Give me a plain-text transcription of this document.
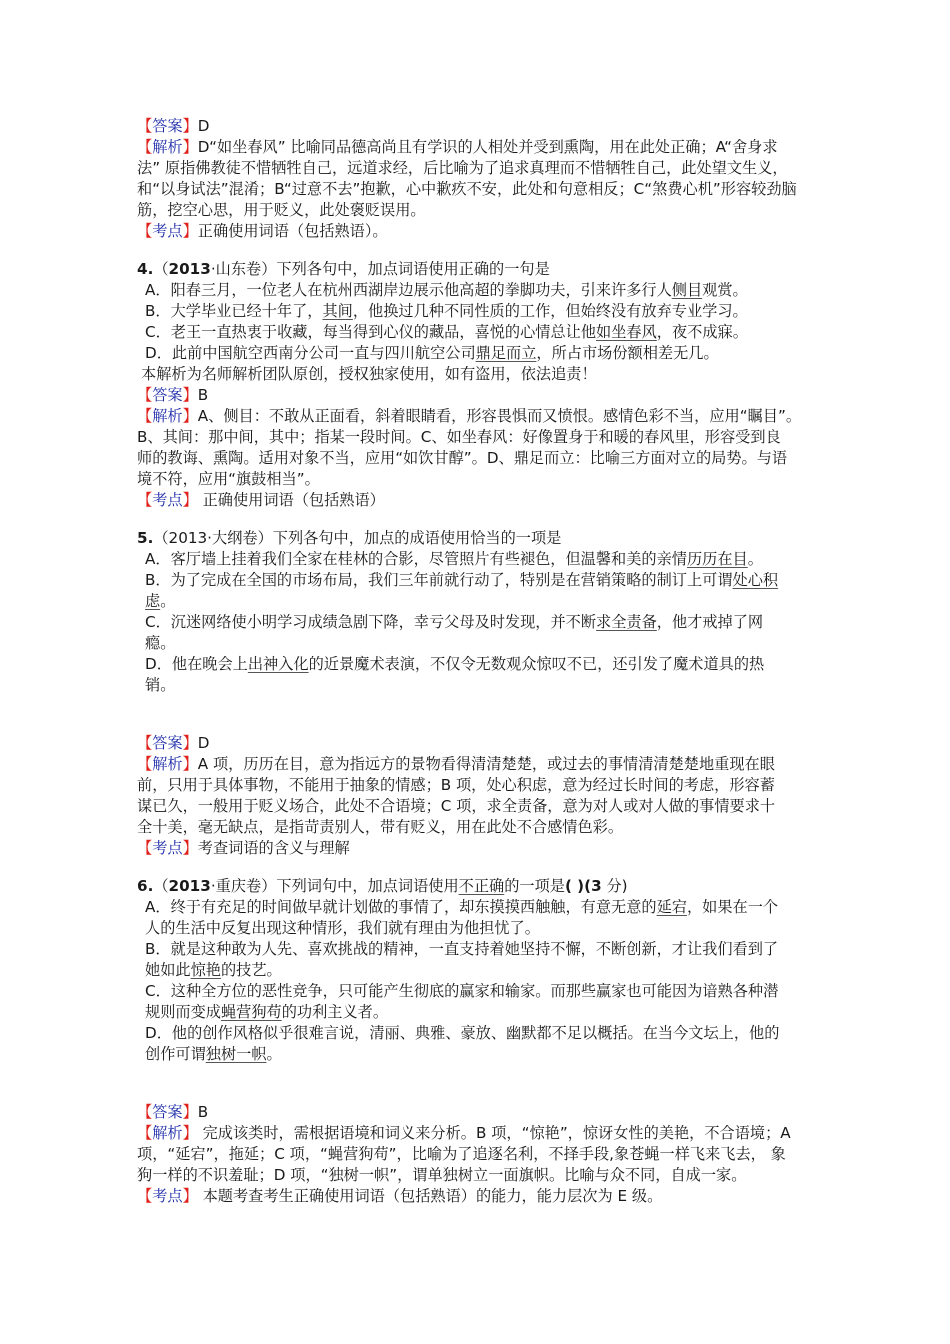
【答案】D
【解析】D“如坐春风” 比喻同品德高尚且有学识的人相处并受到熏陶，用在此处正确；A“舍身求
法” 原指佛教徒不惜牺牲自己，远道求经，后比喻为了追求真理而不惜牺牲自己，此处望文生义，
和“以身试法”混淆；B“过意不去”抱歉，心中歉疚不安，此处和句意相反；C“煞费心机”形容较劲脑
筋，挖空心思，用于贬义，此处褒贬误用。
【考点】正确使用词语（包括熟语）。
4.（2013·山东卷）下列各句中，加点词语使用正确的一句是
A．阳春三月，一位老人在杭州西湖岸边展示他高超的拳脚功夫，引来许多行人侧目观赏。
B．大学毕业已经十年了，其间，他换过几种不同性质的工作，但始终没有放弃专业学习。
C．老王一直热衷于收藏，每当得到心仪的藏品，喜悦的心情总让他如坐春风，夜不成寐。
D．此前中国航空西南分公司一直与四川航空公司鼎足而立，所占市场份额相差无几。
本解析为名师解析团队原创，授权独家使用，如有盗用，依法追责！
【答案】B
【解析】A、侧目：不敢从正面看，斜着眼睛看，形容畏惧而又愤恨。感情色彩不当，应用“瞩目”。
B、其间：那中间，其中；指某一段时间。C、如坐春风：好像置身于和暖的春风里，形容受到良
师的教诲、熏陶。适用对象不当，应用“如饮甘醇”。D、鼎足而立：比喻三方面对立的局势。与语
境不符，应用“旗鼓相当”。
【考点】 正确使用词语（包括熟语）
5.（2013·大纲卷）下列各句中，加点的成语使用恰当的一项是
A．客厅墙上挂着我们全家在桂林的合影，尽管照片有些褪色，但温馨和美的亲情历历在目。
B．为了完成在全国的市场布局，我们三年前就行动了，特别是在营销策略的制订上可谓处心积
虑。
C．沉迷网络使小明学习成绩急剧下降，幸亏父母及时发现，并不断求全责备，他才戒掉了网
瘾。
D．他在晚会上出神入化的近景魔术表演，不仅令无数观众惊叹不已，还引发了魔术道具的热
销。
【答案】D
【解析】A 项，历历在目，意为指远方的景物看得清清楚楚，或过去的事情清清楚楚地重现在眼
前，只用于具体事物，不能用于抽象的情感；B 项，处心积虑，意为经过长时间的考虑，形容蓄
谋已久，一般用于贬义场合，此处不合语境；C 项，求全责备，意为对人或对人做的事情要求十
全十美，毫无缺点，是指苛责别人，带有贬义，用在此处不合感情色彩。
【考点】考查词语的含义与理解
6.（2013·重庆卷）下列词句中，加点词语使用不正确的一项是( )(3 分)
A．终于有充足的时间做早就计划做的事情了，却东摸摸西触触，有意无意的延宕，如果在一个
人的生活中反复出现这种情形，我们就有理由为他担忧了。
B．就是这种敢为人先、喜欢挑战的精神，一直支持着她坚持不懈，不断创新，才让我们看到了
她如此惊艳的技艺。
C．这种全方位的恶性竞争，只可能产生彻底的赢家和输家。而那些赢家也可能因为谙熟各种潜
规则而变成蝇营狗苟的功利主义者。
D．他的创作风格似乎很难言说，清丽、典雅、豪放、幽默都不足以概括。在当今文坛上，他的
创作可谓独树一帜。
【答案】B
【解析】 完成该类时，需根据语境和词义来分析。B 项，“惊艳”，惊讶女性的美艳，不合语境；A
项，“延宕”，拖延；C 项，“蝇营狗苟”，比喻为了追逐名利，不择手段,象苍蝇一样飞来飞去， 象
狗一样的不识羞耻；D 项，“独树一帜”，谓单独树立一面旗帜。比喻与众不同，自成一家。
【考点】 本题考查考生正确使用词语（包括熟语）的能力，能力层次为 E 级。
